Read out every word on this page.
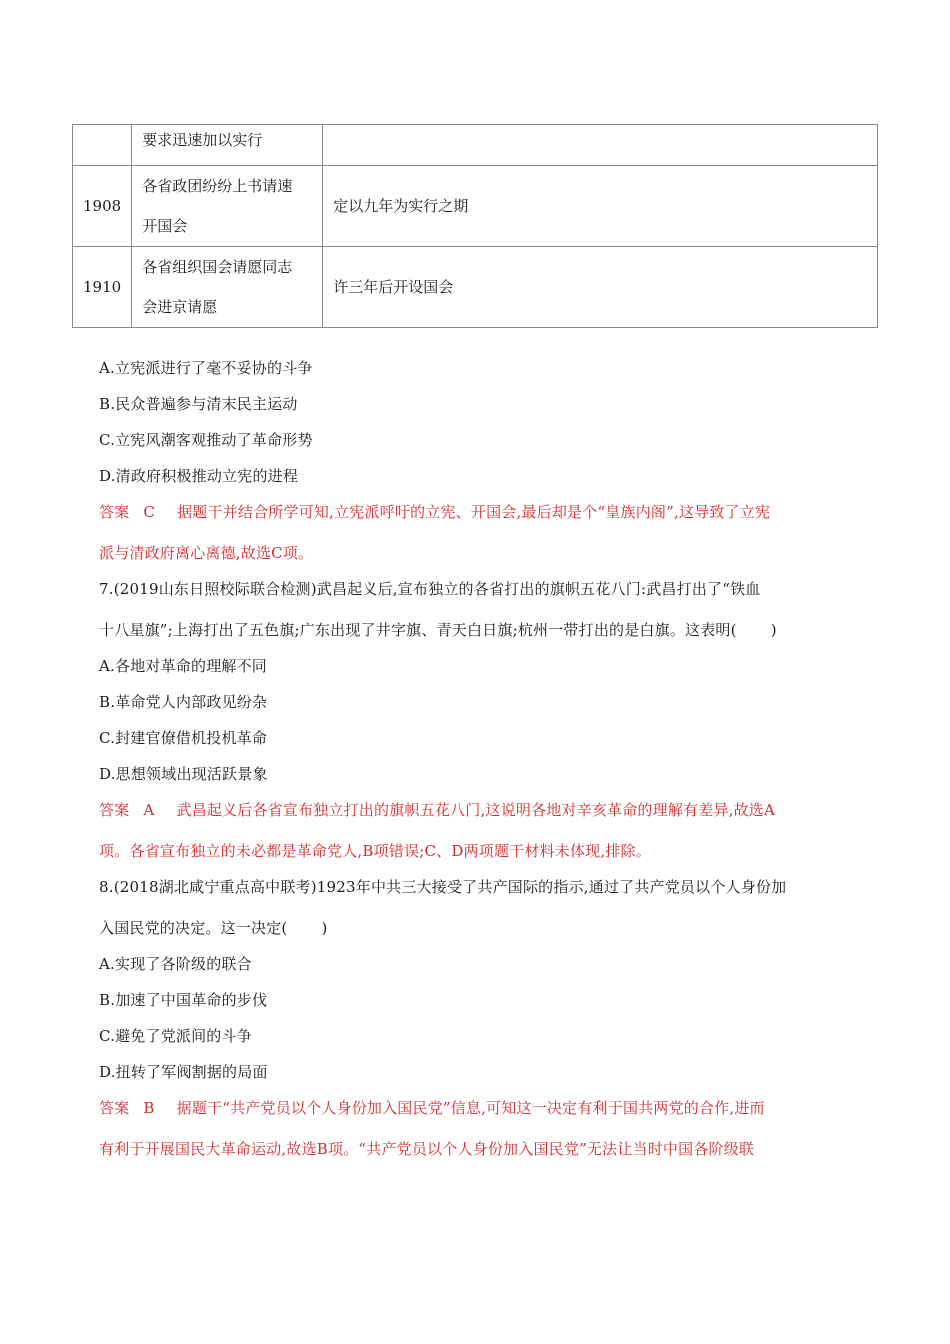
	要求迅速加以实行	

1908	各省政团纷纷上书请速
开国会	定以九年为实行之期
1910	各省组织国会请愿同志
会进京请愿	许三年后开设国会
A.立宪派进行了毫不妥协的斗争
B.民众普遍参与清末民主运动
C.立宪风潮客观推动了革命形势
D.清政府积极推动立宪的进程
答案 C 据题干并结合所学可知,立宪派呼吁的立宪、开国会,最后却是个“皇族内阁”,这导致了立宪
派与清政府离心离德,故选C项。
7.(2019山东日照校际联合检测)武昌起义后,宣布独立的各省打出的旗帜五花八门:武昌打出了“铁血
十八星旗”;上海打出了五色旗;广东出现了井字旗、青天白日旗;杭州一带打出的是白旗。这表明( )
A.各地对革命的理解不同
B.革命党人内部政见纷杂
C.封建官僚借机投机革命
D.思想领域出现活跃景象
答案 A 武昌起义后各省宣布独立打出的旗帜五花八门,这说明各地对辛亥革命的理解有差异,故选A
项。各省宣布独立的未必都是革命党人,B项错误;C、D两项题干材料未体现,排除。
8.(2018湖北咸宁重点高中联考)1923年中共三大接受了共产国际的指示,通过了共产党员以个人身份加
入国民党的决定。这一决定( )
A.实现了各阶级的联合
B.加速了中国革命的步伐
C.避免了党派间的斗争
D.扭转了军阀割据的局面
答案 B 据题干“共产党员以个人身份加入国民党”信息,可知这一决定有利于国共两党的合作,进而
有利于开展国民大革命运动,故选B项。“共产党员以个人身份加入国民党”无法让当时中国各阶级联
